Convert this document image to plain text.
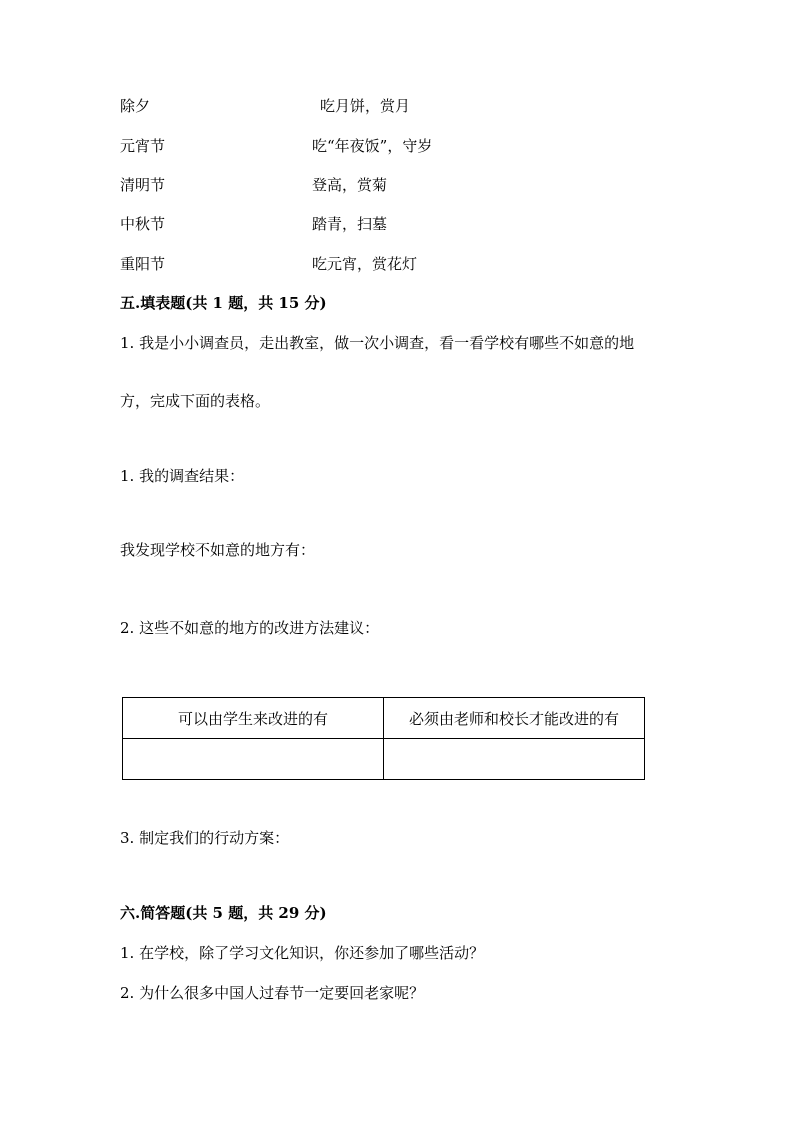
除夕	吃月饼，赏月
元宵节	吃“年夜饭”，守岁
清明节	登高，赏菊
中秋节	踏青，扫墓
重阳节	吃元宵，赏花灯
五.填表题(共 1 题，共 15 分)
1. 我是小小调查员，走出教室，做一次小调查，看一看学校有哪些不如意的地
方，完成下面的表格。
1. 我的调查结果：
我发现学校不如意的地方有：
2. 这些不如意的地方的改进方法建议：
可以由学生来改进的有	必须由老师和校长才能改进的有

3. 制定我们的行动方案：
六.简答题(共 5 题，共 29 分)
1. 在学校，除了学习文化知识，你还参加了哪些活动？
2. 为什么很多中国人过春节一定要回老家呢？
